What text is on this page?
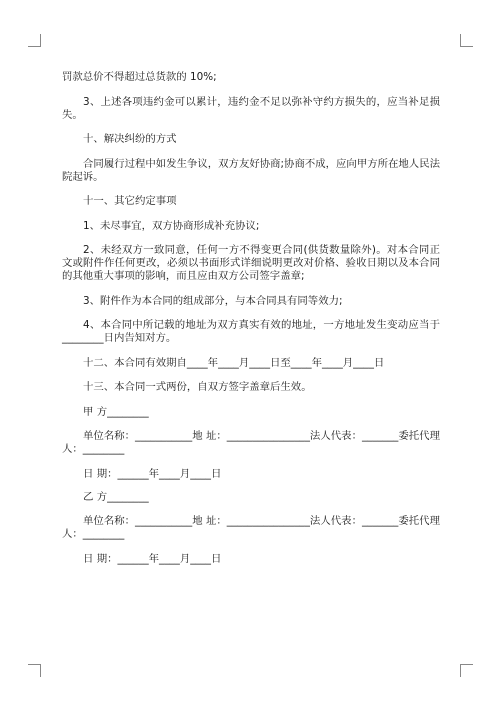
罚款总价不得超过总货款的 10%;

3、上述各项违约金可以累计，违约金不足以弥补守约方损失的，应当补足损失。

十、解决纠纷的方式

合同履行过程中如发生争议，双方友好协商;协商不成，应向甲方所在地人民法院起诉。

十一、其它约定事项

1、未尽事宜，双方协商形成补充协议;

2、未经双方一致同意，任何一方不得变更合同(供货数量除外)。对本合同正文或附件作任何更改，必须以书面形式详细说明更改对价格、验收日期以及本合同的其他重大事项的影响，而且应由双方公司签字盖章;

3、附件作为本合同的组成部分，与本合同具有同等效力;

4、本合同中所记载的地址为双方真实有效的地址，一方地址发生变动应当于________日内告知对方。

十二、本合同有效期自____年____月____日至____年____月____日

十三、本合同一式两份，自双方签字盖章后生效。

甲 方________

单位名称：___________地 址：________________法人代表：_______委托代理人：________

日 期：______年____月____日

乙 方________

单位名称：___________地 址：________________法人代表：_______委托代理人：________

日 期：______年____月____日
